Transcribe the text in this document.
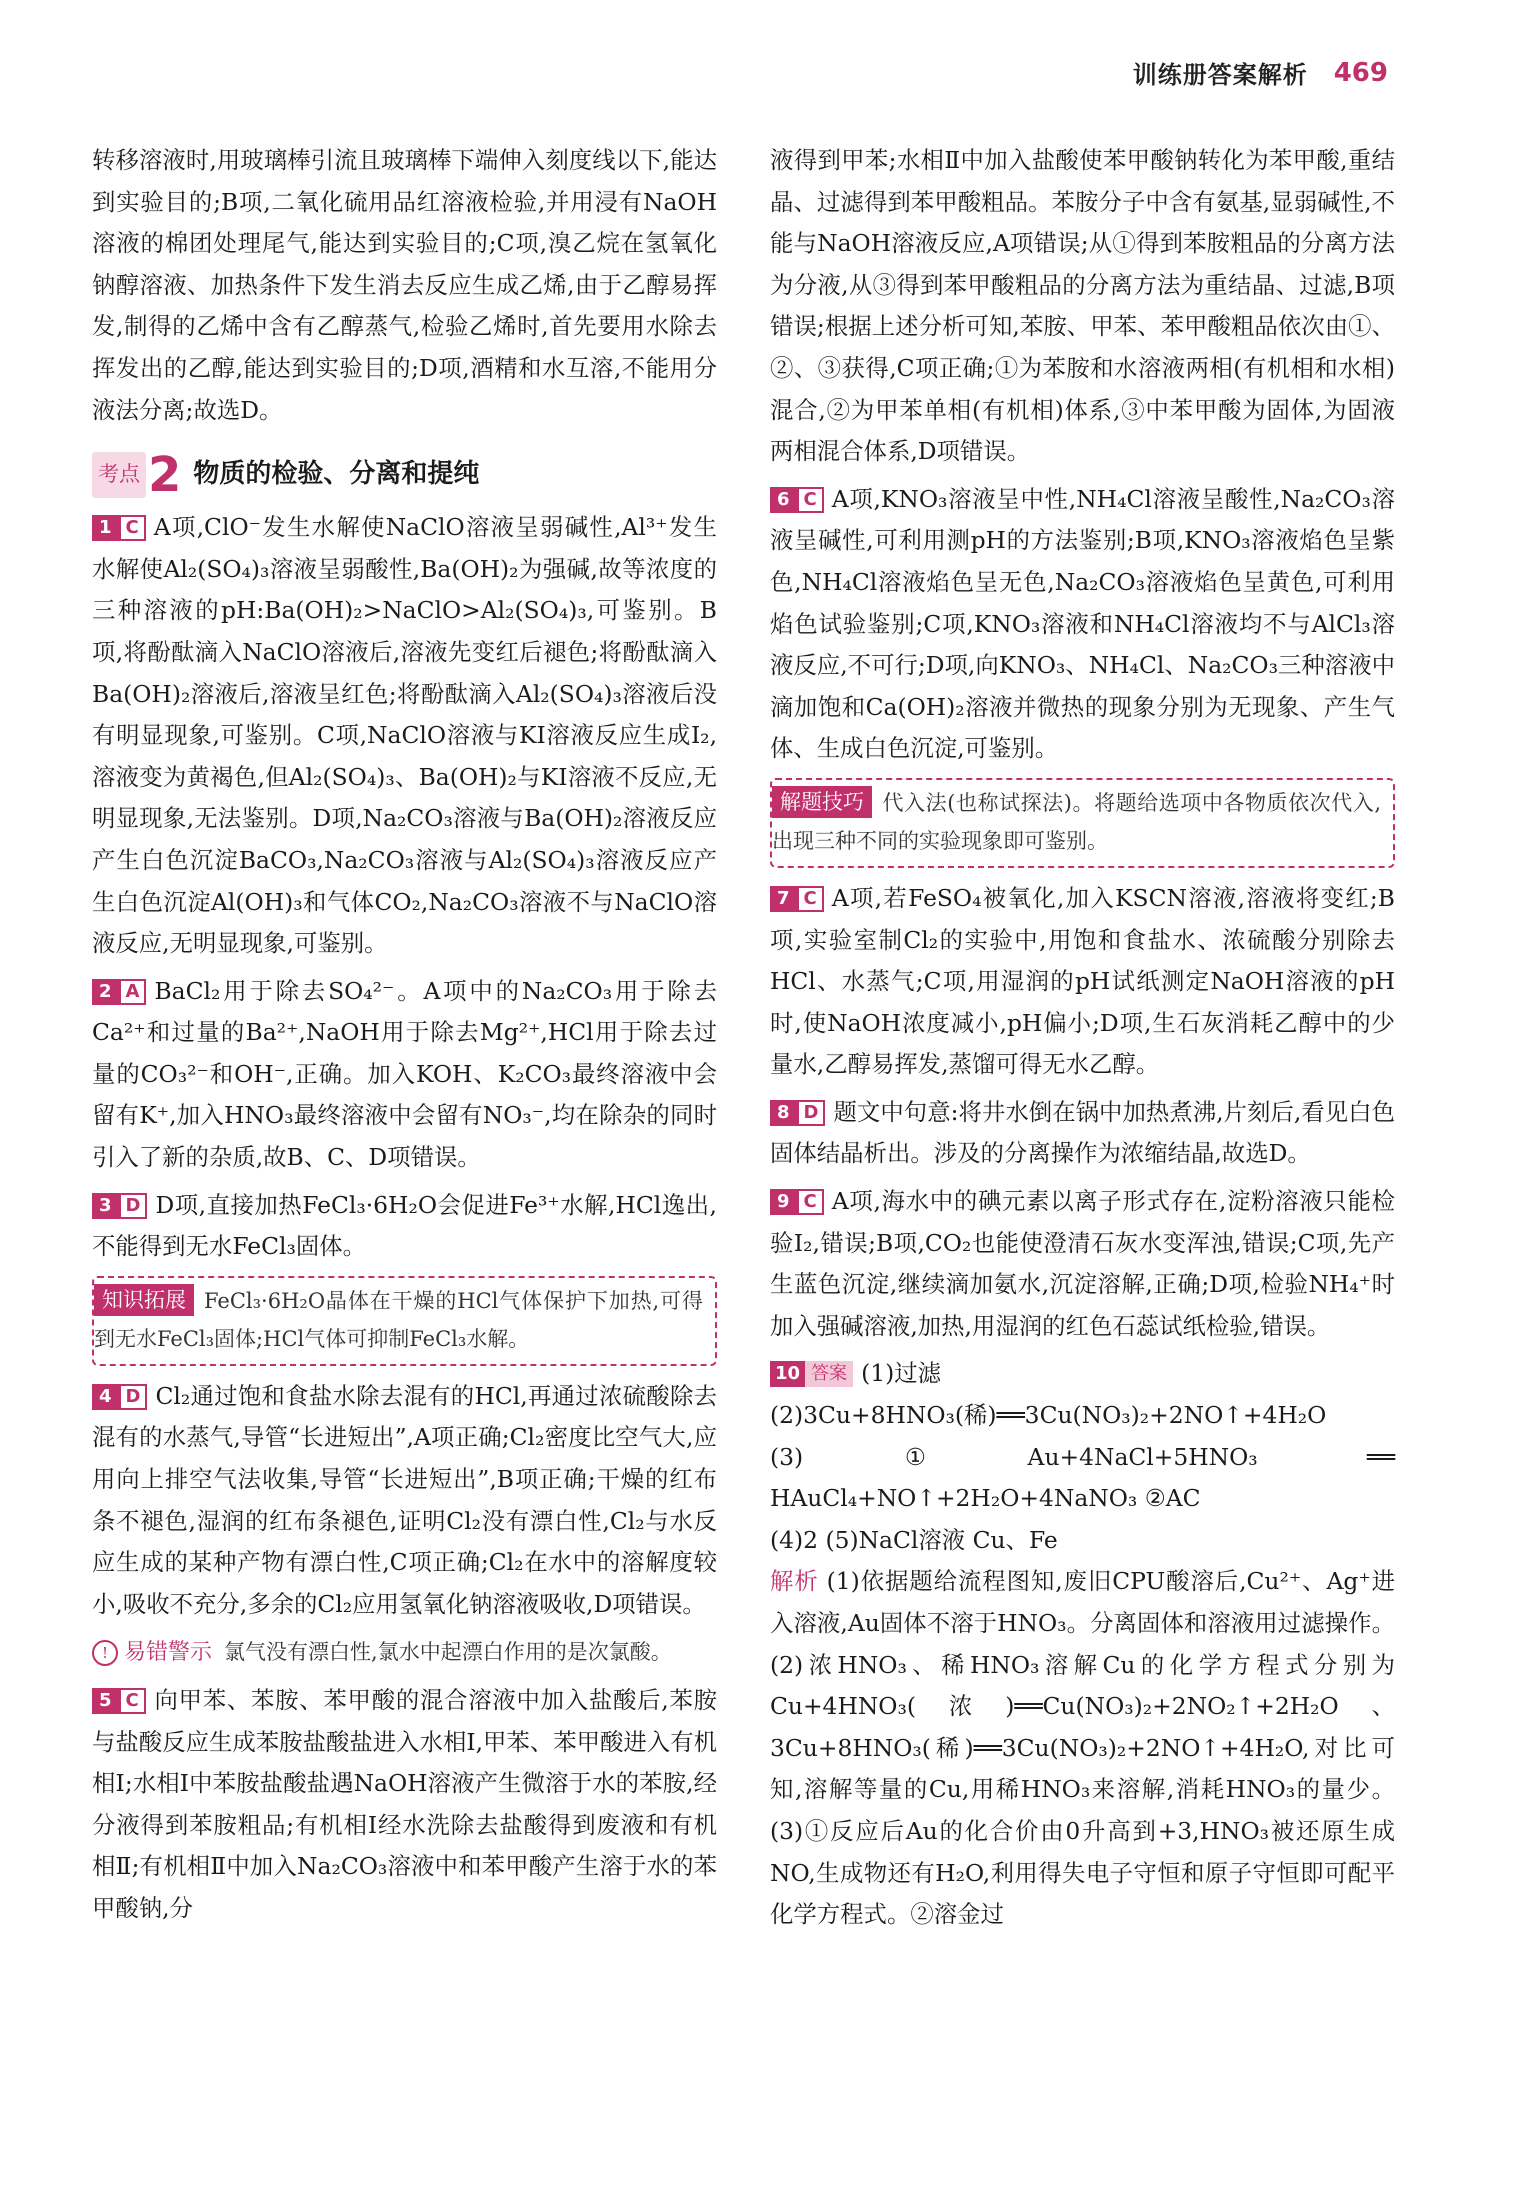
训练册答案解析 469

转移溶液时,用玻璃棒引流且玻璃棒下端伸入刻度线以下,能达到实验目的;B项,二氧化硫用品红溶液检验,并用浸有NaOH溶液的棉团处理尾气,能达到实验目的;C项,溴乙烷在氢氧化钠醇溶液、加热条件下发生消去反应生成乙烯,由于乙醇易挥发,制得的乙烯中含有乙醇蒸气,检验乙烯时,首先要用水除去挥发出的乙醇,能达到实验目的;D项,酒精和水互溶,不能用分液法分离;故选D。

考点 2 物质的检验、分离和提纯

1 C A项,ClO⁻发生水解使NaClO溶液呈弱碱性,Al³⁺发生水解使Al₂(SO₄)₃溶液呈弱酸性,Ba(OH)₂为强碱,故等浓度的三种溶液的pH:Ba(OH)₂>NaClO>Al₂(SO₄)₃,可鉴别。B项,将酚酞滴入NaClO溶液后,溶液先变红后褪色;将酚酞滴入Ba(OH)₂溶液后,溶液呈红色;将酚酞滴入Al₂(SO₄)₃溶液后没有明显现象,可鉴别。C项,NaClO溶液与KI溶液反应生成I₂,溶液变为黄褐色,但Al₂(SO₄)₃、Ba(OH)₂与KI溶液不反应,无明显现象,无法鉴别。D项,Na₂CO₃溶液与Ba(OH)₂溶液反应产生白色沉淀BaCO₃,Na₂CO₃溶液与Al₂(SO₄)₃溶液反应产生白色沉淀Al(OH)₃和气体CO₂,Na₂CO₃溶液不与NaClO溶液反应,无明显现象,可鉴别。

2 A BaCl₂用于除去SO₄²⁻。A项中的Na₂CO₃用于除去Ca²⁺和过量的Ba²⁺,NaOH用于除去Mg²⁺,HCl用于除去过量的CO₃²⁻和OH⁻,正确。加入KOH、K₂CO₃最终溶液中会留有K⁺,加入HNO₃最终溶液中会留有NO₃⁻,均在除杂的同时引入了新的杂质,故B、C、D项错误。

3 D D项,直接加热FeCl₃·6H₂O会促进Fe³⁺水解,HCl逸出,不能得到无水FeCl₃固体。

知识拓展 FeCl₃·6H₂O晶体在干燥的HCl气体保护下加热,可得到无水FeCl₃固体;HCl气体可抑制FeCl₃水解。

4 D Cl₂通过饱和食盐水除去混有的HCl,再通过浓硫酸除去混有的水蒸气,导管“长进短出”,A项正确;Cl₂密度比空气大,应用向上排空气法收集,导管“长进短出”,B项正确;干燥的红布条不褪色,湿润的红布条褪色,证明Cl₂没有漂白性,Cl₂与水反应生成的某种产物有漂白性,C项正确;Cl₂在水中的溶解度较小,吸收不充分,多余的Cl₂应用氢氧化钠溶液吸收,D项错误。

! 易错警示 氯气没有漂白性,氯水中起漂白作用的是次氯酸。

5 C 向甲苯、苯胺、苯甲酸的混合溶液中加入盐酸后,苯胺与盐酸反应生成苯胺盐酸盐进入水相Ⅰ,甲苯、苯甲酸进入有机相Ⅰ;水相Ⅰ中苯胺盐酸盐遇NaOH溶液产生微溶于水的苯胺,经分液得到苯胺粗品;有机相Ⅰ经水洗除去盐酸得到废液和有机相Ⅱ;有机相Ⅱ中加入Na₂CO₃溶液中和苯甲酸产生溶于水的苯甲酸钠,分

液得到甲苯;水相Ⅱ中加入盐酸使苯甲酸钠转化为苯甲酸,重结晶、过滤得到苯甲酸粗品。苯胺分子中含有氨基,显弱碱性,不能与NaOH溶液反应,A项错误;从①得到苯胺粗品的分离方法为分液,从③得到苯甲酸粗品的分离方法为重结晶、过滤,B项错误;根据上述分析可知,苯胺、甲苯、苯甲酸粗品依次由①、②、③获得,C项正确;①为苯胺和水溶液两相(有机相和水相)混合,②为甲苯单相(有机相)体系,③中苯甲酸为固体,为固液两相混合体系,D项错误。

6 C A项,KNO₃溶液呈中性,NH₄Cl溶液呈酸性,Na₂CO₃溶液呈碱性,可利用测pH的方法鉴别;B项,KNO₃溶液焰色呈紫色,NH₄Cl溶液焰色呈无色,Na₂CO₃溶液焰色呈黄色,可利用焰色试验鉴别;C项,KNO₃溶液和NH₄Cl溶液均不与AlCl₃溶液反应,不可行;D项,向KNO₃、NH₄Cl、Na₂CO₃三种溶液中滴加饱和Ca(OH)₂溶液并微热的现象分别为无现象、产生气体、生成白色沉淀,可鉴别。

解题技巧 代入法(也称试探法)。将题给选项中各物质依次代入,出现三种不同的实验现象即可鉴别。

7 C A项,若FeSO₄被氧化,加入KSCN溶液,溶液将变红;B项,实验室制Cl₂的实验中,用饱和食盐水、浓硫酸分别除去HCl、水蒸气;C项,用湿润的pH试纸测定NaOH溶液的pH时,使NaOH浓度减小,pH偏小;D项,生石灰消耗乙醇中的少量水,乙醇易挥发,蒸馏可得无水乙醇。

8 D 题文中句意:将井水倒在锅中加热煮沸,片刻后,看见白色固体结晶析出。涉及的分离操作为浓缩结晶,故选D。

9 C A项,海水中的碘元素以离子形式存在,淀粉溶液只能检验I₂,错误;B项,CO₂也能使澄清石灰水变浑浊,错误;C项,先产生蓝色沉淀,继续滴加氨水,沉淀溶解,正确;D项,检验NH₄⁺时加入强碱溶液,加热,用湿润的红色石蕊试纸检验,错误。

10 答案 (1)过滤

(2)3Cu+8HNO₃(稀)══3Cu(NO₃)₂+2NO↑+4H₂O

(3)①Au+4NaCl+5HNO₃ ══ HAuCl₄+NO↑+2H₂O+4NaNO₃ ②AC

(4)2 (5)NaCl溶液 Cu、Fe

解析 (1)依据题给流程图知,废旧CPU酸溶后,Cu²⁺、Ag⁺进入溶液,Au固体不溶于HNO₃。分离固体和溶液用过滤操作。(2)浓HNO₃、稀HNO₃溶解Cu的化学方程式分别为Cu+4HNO₃(浓)══Cu(NO₃)₂+2NO₂↑+2H₂O、3Cu+8HNO₃(稀)══3Cu(NO₃)₂+2NO↑+4H₂O,对比可知,溶解等量的Cu,用稀HNO₃来溶解,消耗HNO₃的量少。(3)①反应后Au的化合价由0升高到+3,HNO₃被还原生成NO,生成物还有H₂O,利用得失电子守恒和原子守恒即可配平化学方程式。②溶金过
